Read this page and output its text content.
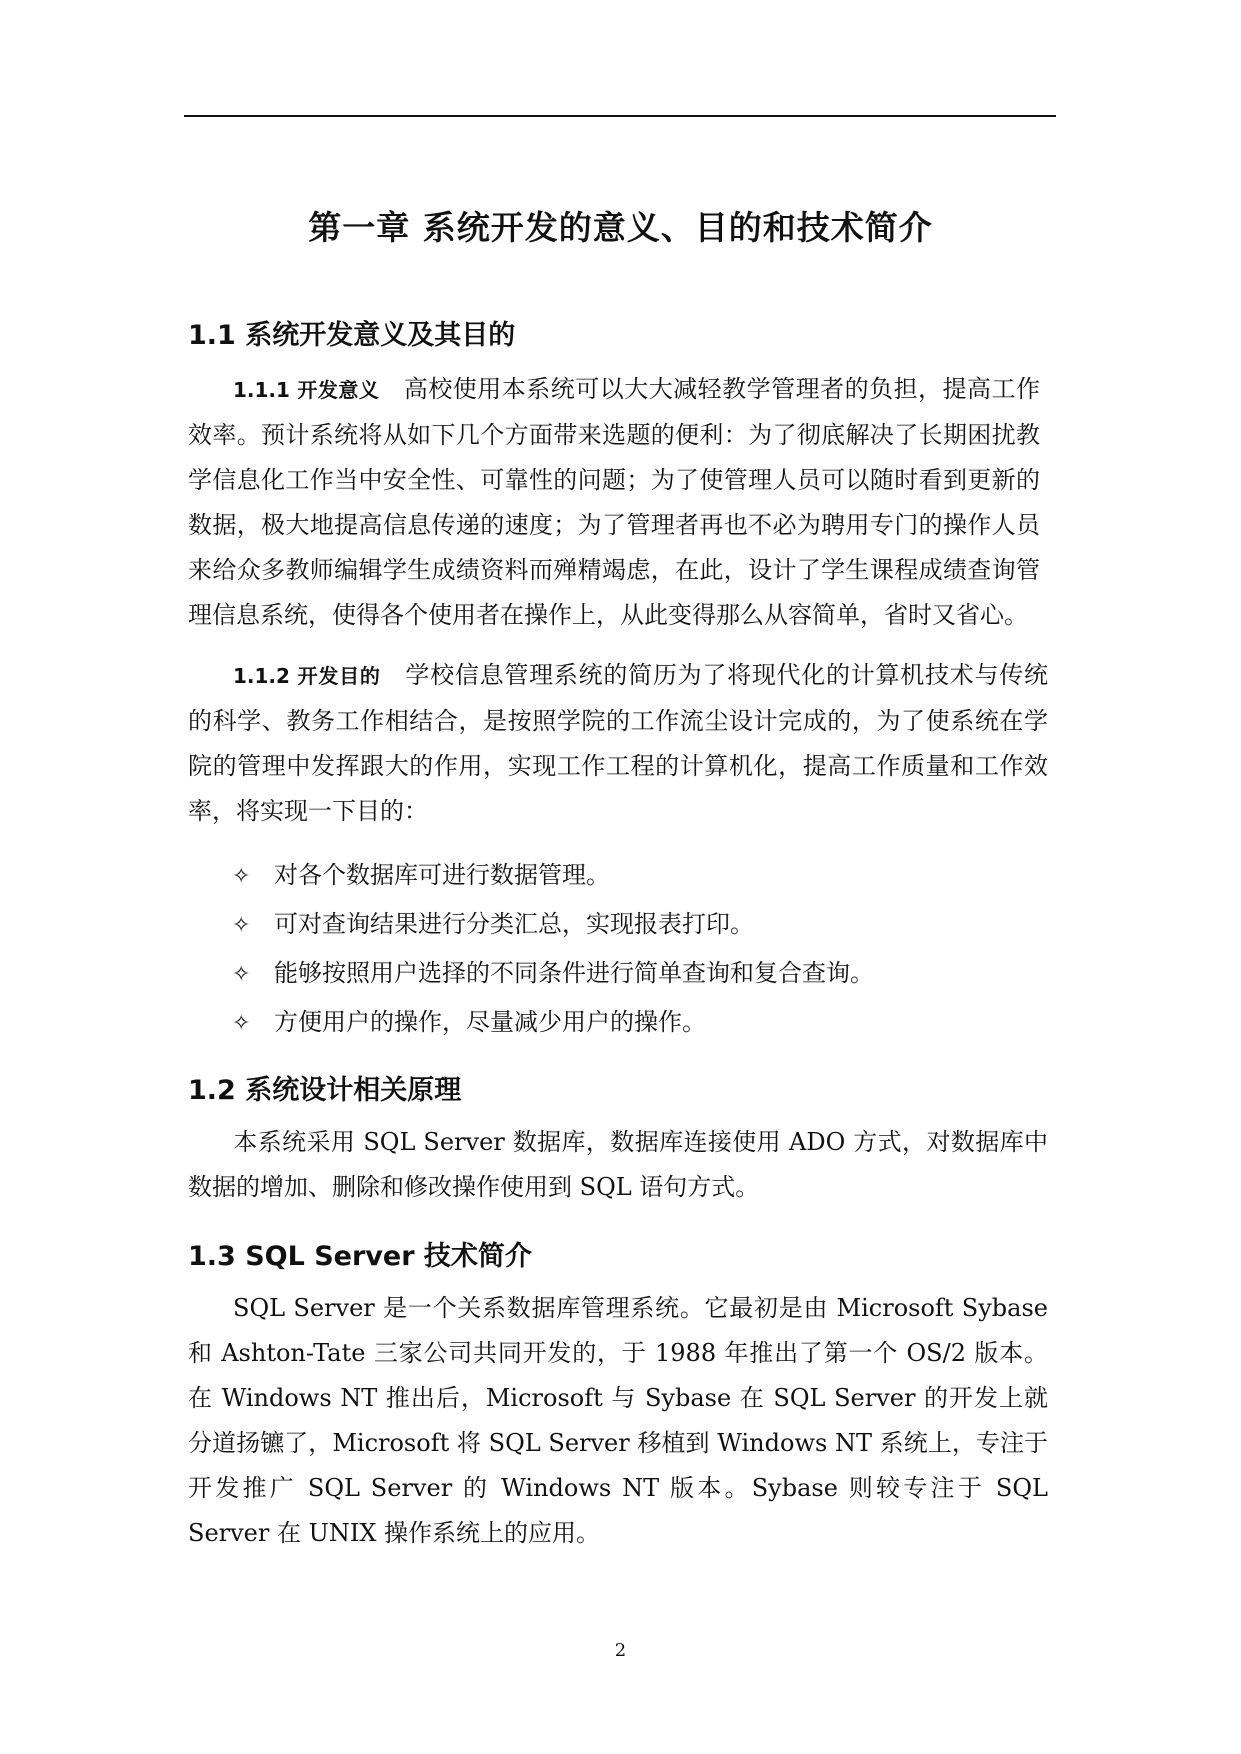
第一章 系统开发的意义、目的和技术简介
1.1 系统开发意义及其目的

1.1.1 开发意义　高校使用本系统可以大大减轻教学管理者的负担，提高工作效率。预计系统将从如下几个方面带来选题的便利：为了彻底解决了长期困扰教学信息化工作当中安全性、可靠性的问题；为了使管理人员可以随时看到更新的数据，极大地提高信息传递的速度；为了管理者再也不必为聘用专门的操作人员来给众多教师编辑学生成绩资料而殚精竭虑，在此，设计了学生课程成绩查询管理信息系统，使得各个使用者在操作上，从此变得那么从容简单，省时又省心。

1.1.2 开发目的　学校信息管理系统的简历为了将现代化的计算机技术与传统的科学、教务工作相结合，是按照学院的工作流尘设计完成的，为了使系统在学院的管理中发挥跟大的作用，实现工作工程的计算机化，提高工作质量和工作效率，将实现一下目的：

✧ 对各个数据库可进行数据管理。
✧ 可对查询结果进行分类汇总，实现报表打印。
✧ 能够按照用户选择的不同条件进行简单查询和复合查询。
✧ 方便用户的操作，尽量减少用户的操作。
1.2 系统设计相关原理

本系统采用 SQL Server 数据库，数据库连接使用 ADO 方式，对数据库中数据的增加、删除和修改操作使用到 SQL 语句方式。

1.3 SQL Server 技术简介

SQL Server 是一个关系数据库管理系统。它最初是由 Microsoft Sybase 和 Ashton-Tate 三家公司共同开发的，于 1988 年推出了第一个 OS/2 版本。在 Windows NT 推出后，Microsoft 与 Sybase 在 SQL Server 的开发上就分道扬镳了，Microsoft 将 SQL Server 移植到 Windows NT 系统上，专注于开发推广 SQL Server 的 Windows NT 版本。Sybase 则较专注于 SQL Server 在 UNIX 操作系统上的应用。

2
